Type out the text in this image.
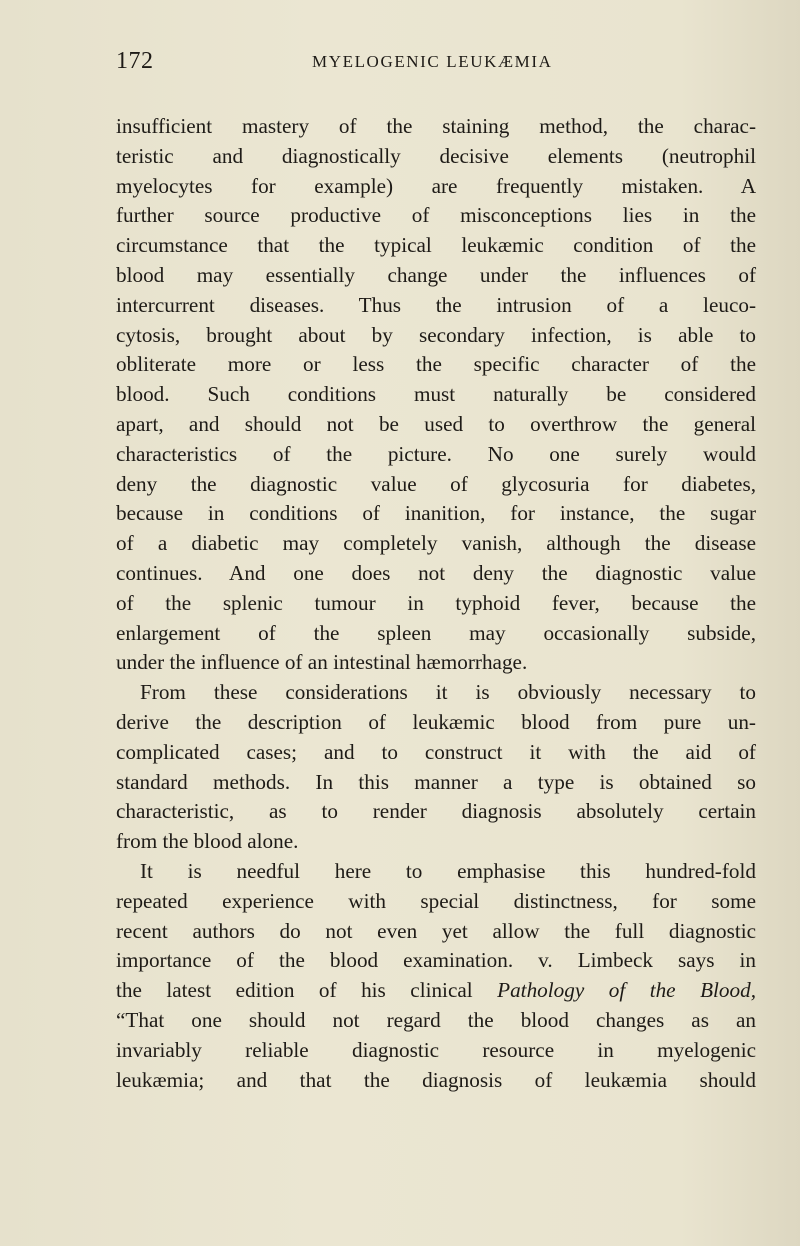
172	MYELOGENIC LEUKÆMIA
insufficient mastery of the staining method, the charac-
teristic and diagnostically decisive elements (neutrophil
myelocytes for example) are frequently mistaken. A
further source productive of misconceptions lies in the
circumstance that the typical leukæmic condition of the
blood may essentially change under the influences of
intercurrent diseases. Thus the intrusion of a leuco-
cytosis, brought about by secondary infection, is able to
obliterate more or less the specific character of the
blood. Such conditions must naturally be considered
apart, and should not be used to overthrow the general
characteristics of the picture. No one surely would
deny the diagnostic value of glycosuria for diabetes,
because in conditions of inanition, for instance, the sugar
of a diabetic may completely vanish, although the disease
continues. And one does not deny the diagnostic value
of the splenic tumour in typhoid fever, because the
enlargement of the spleen may occasionally subside,
under the influence of an intestinal hæmorrhage.
From these considerations it is obviously necessary to
derive the description of leukæmic blood from pure un-
complicated cases; and to construct it with the aid of
standard methods. In this manner a type is obtained so
characteristic, as to render diagnosis absolutely certain
from the blood alone.
It is needful here to emphasise this hundred-fold
repeated experience with special distinctness, for some
recent authors do not even yet allow the full diagnostic
importance of the blood examination. v. Limbeck says in
the latest edition of his clinical Pathology of the Blood,
“That one should not regard the blood changes as an
invariably reliable diagnostic resource in myelogenic
leukæmia; and that the diagnosis of leukæmia should
